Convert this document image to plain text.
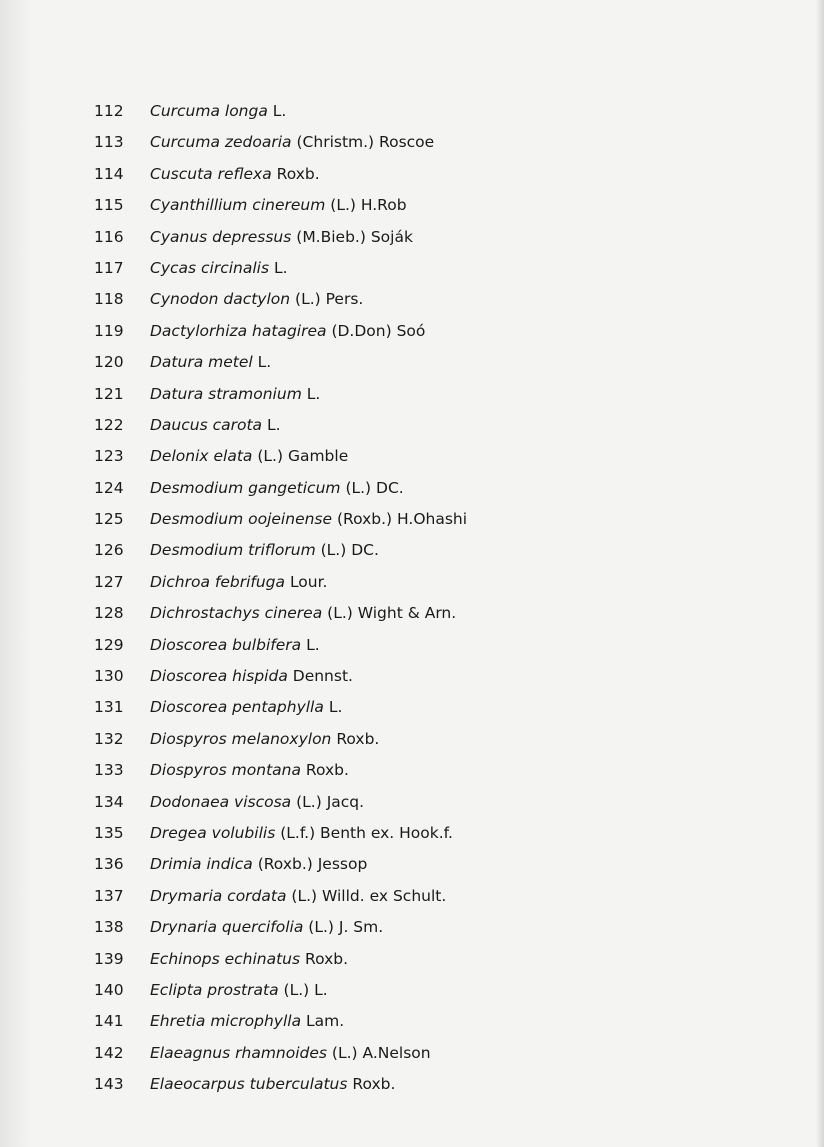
112	Curcuma longa L.
113	Curcuma zedoaria (Christm.) Roscoe
114	Cuscuta reflexa Roxb.
115	Cyanthillium cinereum (L.) H.Rob
116	Cyanus depressus (M.Bieb.) Soják
117	Cycas circinalis L.
118	Cynodon dactylon (L.) Pers.
119	Dactylorhiza hatagirea (D.Don) Soó
120	Datura metel L.
121	Datura stramonium L.
122	Daucus carota L.
123	Delonix elata (L.) Gamble
124	Desmodium gangeticum (L.) DC.
125	Desmodium oojeinense (Roxb.) H.Ohashi
126	Desmodium triflorum (L.) DC.
127	Dichroa febrifuga Lour.
128	Dichrostachys cinerea (L.) Wight & Arn.
129	Dioscorea bulbifera L.
130	Dioscorea hispida Dennst.
131	Dioscorea pentaphylla L.
132	Diospyros melanoxylon Roxb.
133	Diospyros montana Roxb.
134	Dodonaea viscosa (L.) Jacq.
135	Dregea volubilis (L.f.) Benth ex. Hook.f.
136	Drimia indica (Roxb.) Jessop
137	Drymaria cordata (L.) Willd. ex Schult.
138	Drynaria quercifolia (L.) J. Sm.
139	Echinops echinatus Roxb.
140	Eclipta prostrata (L.) L.
141	Ehretia microphylla Lam.
142	Elaeagnus rhamnoides (L.) A.Nelson
143	Elaeocarpus tuberculatus Roxb.
